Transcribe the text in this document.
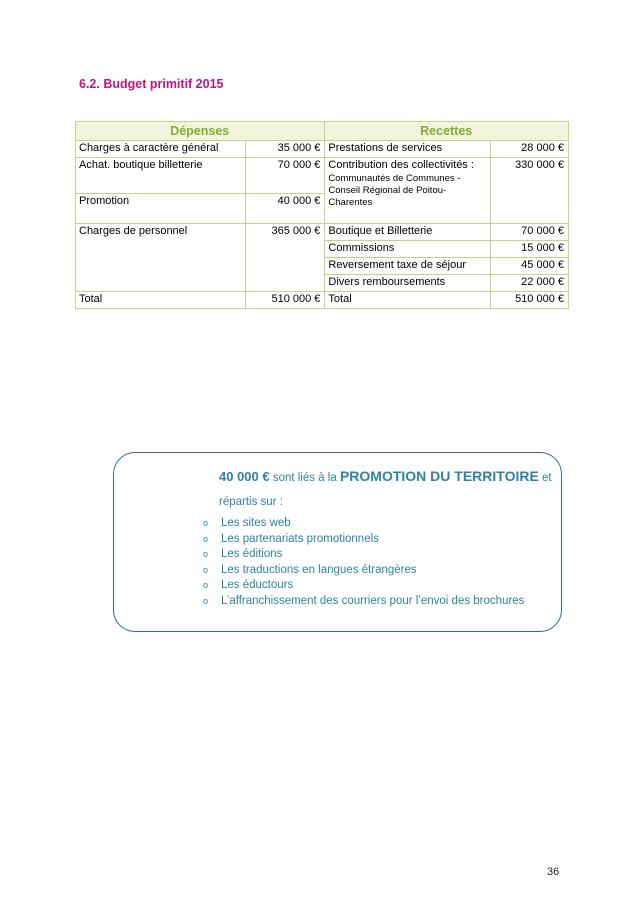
6.2. Budget primitif 2015
Dépenses		Recettes	
Charges à caractère général	35 000 €	Prestations de services	28 000 €
Achat. boutique billetterie	70 000 €	Contribution des collectivités :
Communautés de Communes -
Conseil Régional de Poitou-
Charentes	330 000 €
Promotion	40 000 €		
Charges de personnel	365 000 €	Boutique et Billetterie	70 000 €
		Commissions	15 000 €
		Reversement taxe de séjour	45 000 €
		Divers remboursements	22 000 €
Total	510 000 €	Total	510 000 €
40 000 € sont liés à la PROMOTION DU TERRITOIRE et
répartis sur :
o Les sites web
o Les partenariats promotionnels
o Les éditions
o Les traductions en langues étrangères
o Les éductours
o L’affranchissement des courriers pour l’envoi des brochures
36
